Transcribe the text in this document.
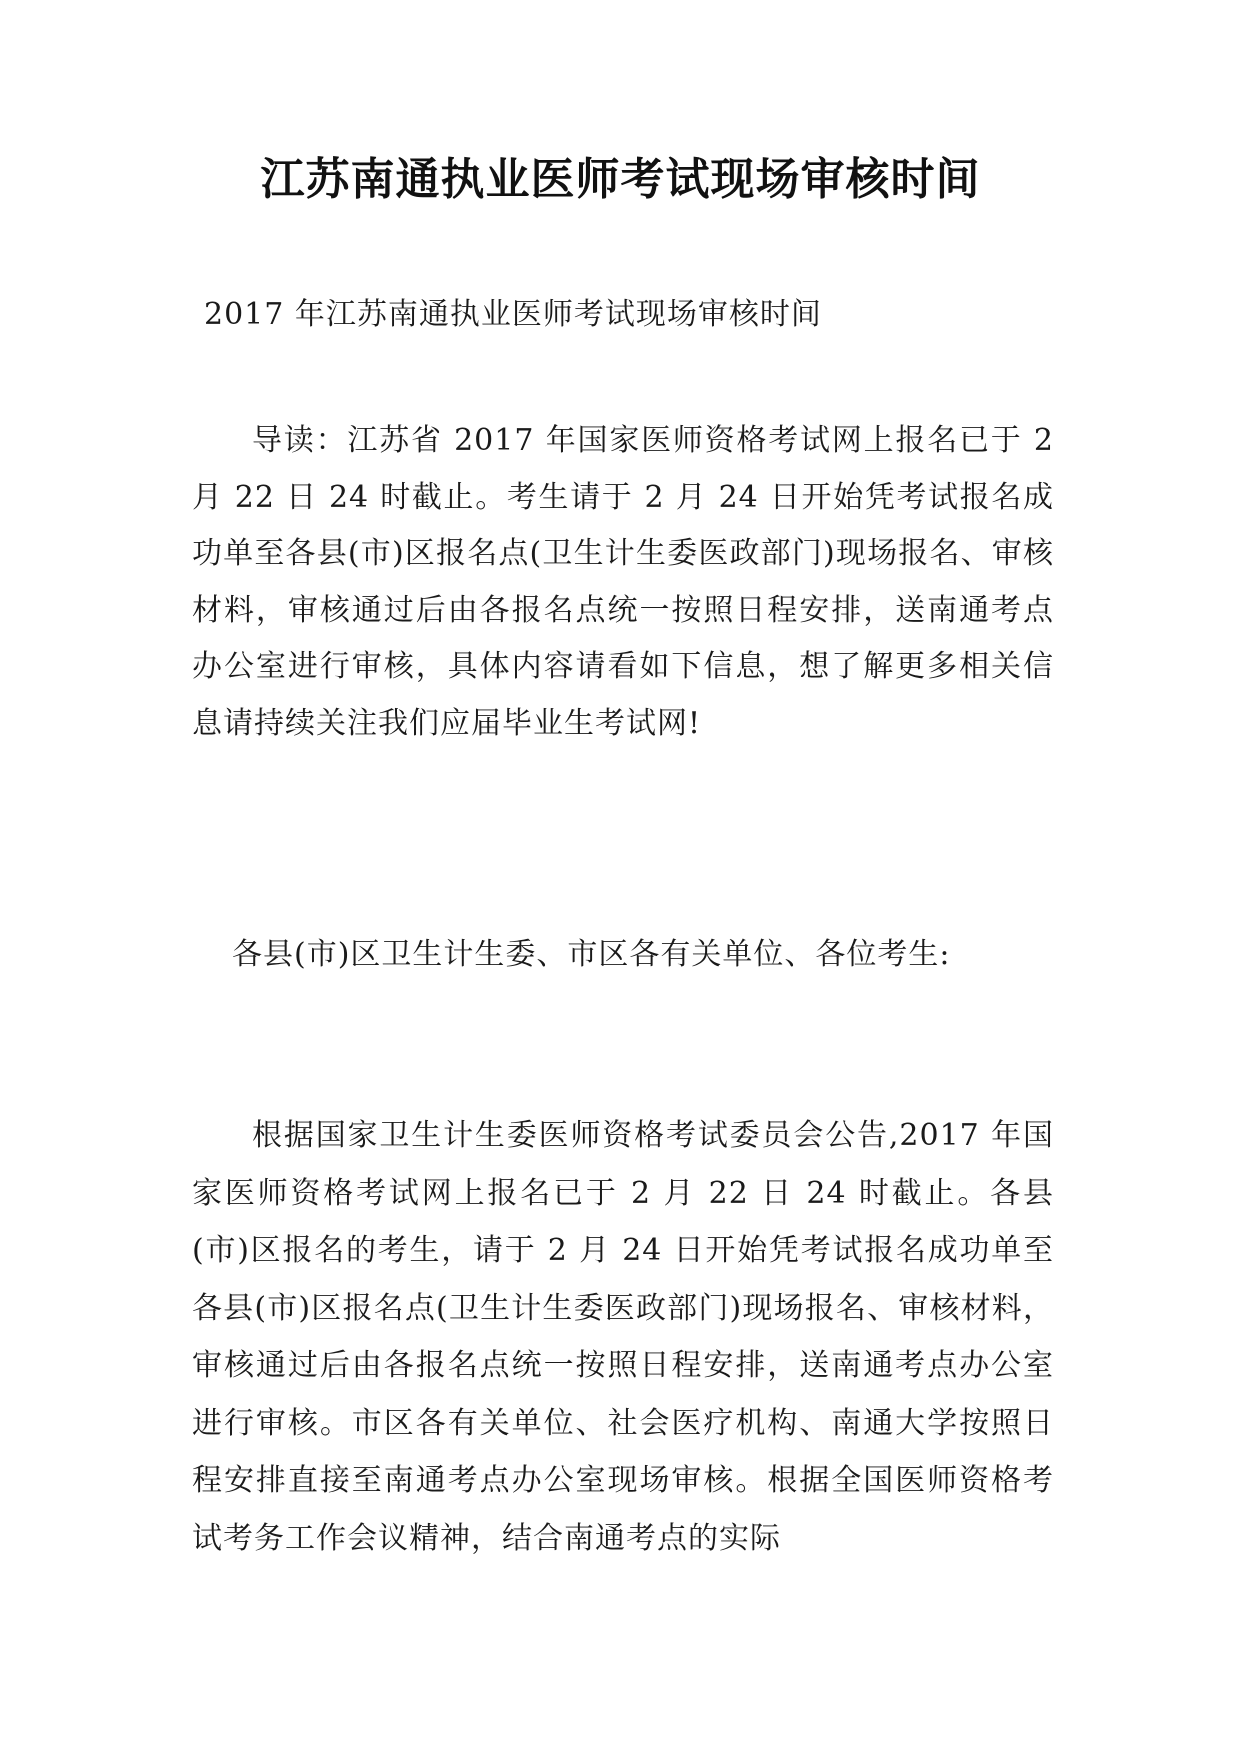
江苏南通执业医师考试现场审核时间
2017 年江苏南通执业医师考试现场审核时间

导读：江苏省 2017 年国家医师资格考试网上报名已于 2 月 22 日 24 时截止。考生请于 2 月 24 日开始凭考试报名成功单至各县(市)区报名点(卫生计生委医政部门)现场报名、审核材料，审核通过后由各报名点统一按照日程安排，送南通考点办公室进行审核，具体内容请看如下信息，想了解更多相关信息请持续关注我们应届毕业生考试网!

各县(市)区卫生计生委、市区各有关单位、各位考生:

根据国家卫生计生委医师资格考试委员会公告,2017 年国家医师资格考试网上报名已于 2 月 22 日 24 时截止。各县(市)区报名的考生，请于 2 月 24 日开始凭考试报名成功单至各县(市)区报名点(卫生计生委医政部门)现场报名、审核材料，审核通过后由各报名点统一按照日程安排，送南通考点办公室进行审核。市区各有关单位、社会医疗机构、南通大学按照日程安排直接至南通考点办公室现场审核。根据全国医师资格考试考务工作会议精神，结合南通考点的实际
